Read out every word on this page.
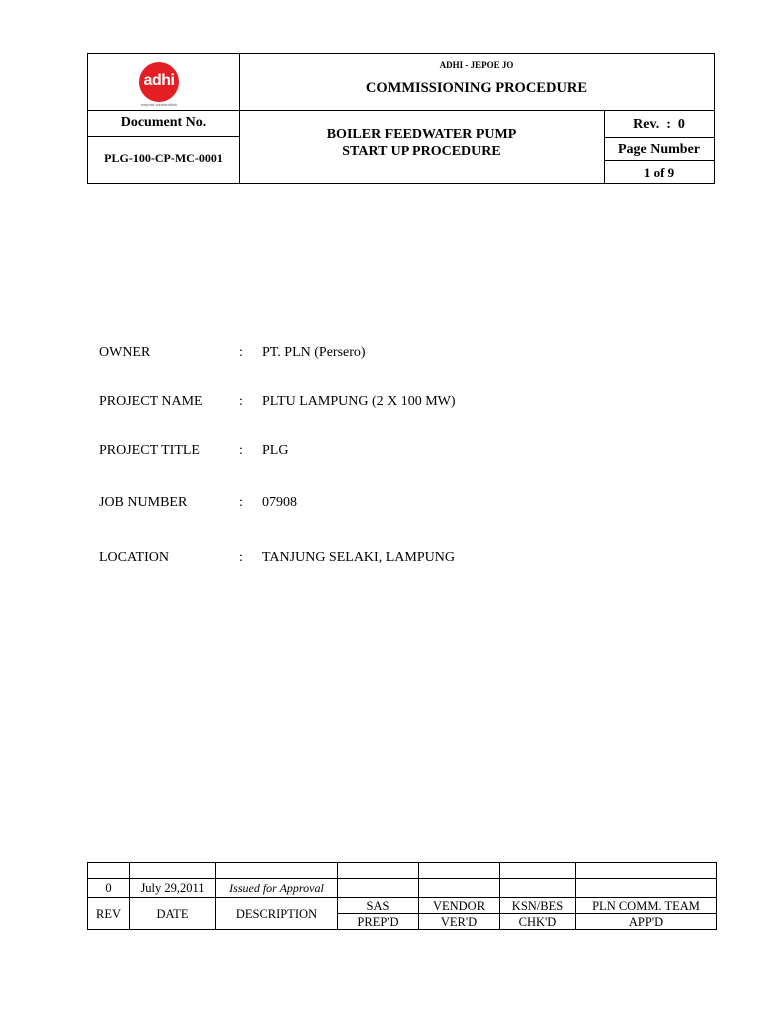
adhi
beyond construction
ADHI - JEPOE JO
COMMISSIONING PROCEDURE
Document No.
PLG-100-CP-MC-0001
BOILER FEEDWATER PUMP
START UP PROCEDURE
Rev.  :  0
Page Number
1 of 9
OWNER	: PT. PLN (Persero)
PROJECT NAME	: PLTU LAMPUNG (2 X 100 MW)
PROJECT TITLE	: PLG
JOB NUMBER	: 07908
LOCATION	: TANJUNG SELAKI, LAMPUNG

0	July 29,2011	Issued for Approval				
REV	DATE	DESCRIPTION	SAS	VENDOR	KSN/BES	PLN COMM. TEAM
			PREP'D	VER'D	CHK'D	APP'D
